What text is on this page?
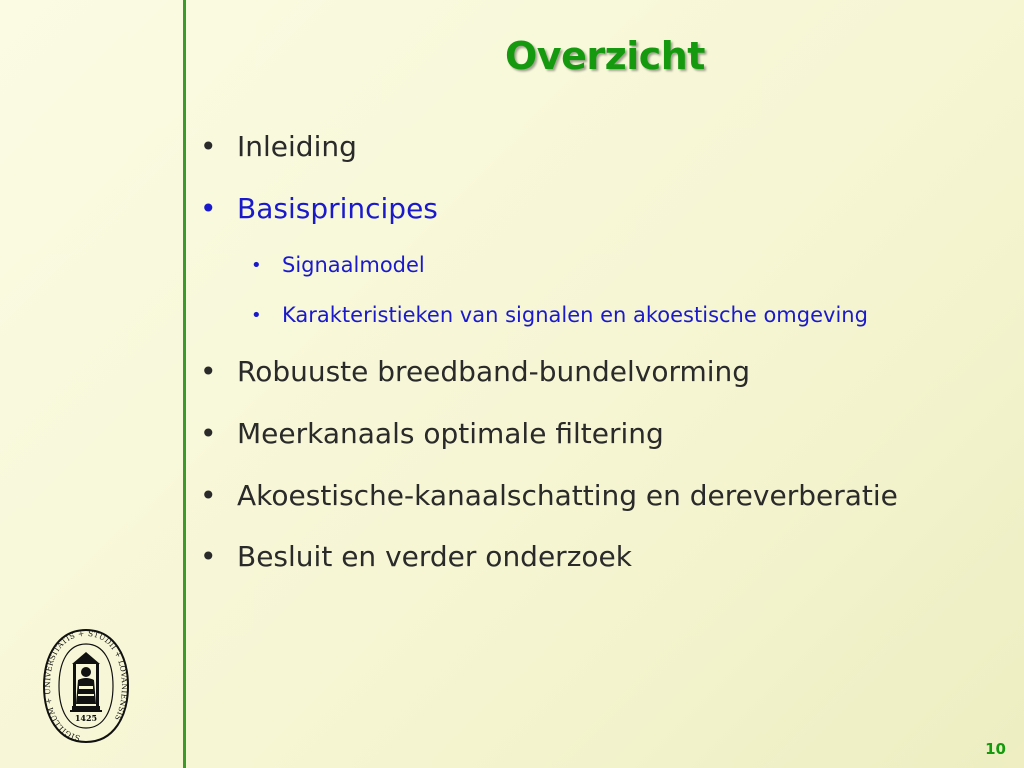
Overzicht
• Inleiding
• Basisprincipes
• Signaalmodel
• Karakteristieken van signalen en akoestische omgeving
• Robuuste breedband-bundelvorming
• Meerkanaals optimale filtering
• Akoestische-kanaalschatting en dereverberatie
• Besluit en verder onderzoek
SIGILLUM + UNIVERSITATIS + STUDII + LOVANIENSIS
1425
10
